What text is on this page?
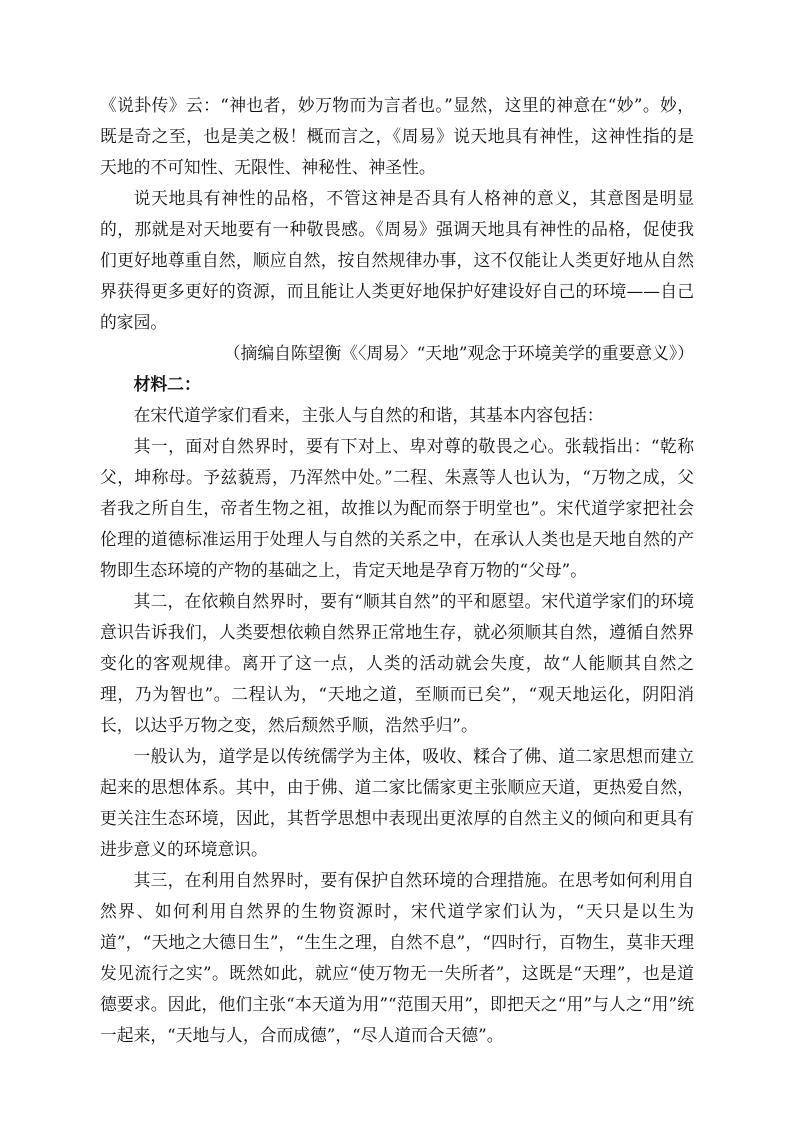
《说卦传》云：“神也者，妙万物而为言者也。”显然，这里的神意在“妙”。妙，既是奇之至，也是美之极！概而言之，《周易》说天地具有神性，这神性指的是天地的不可知性、无限性、神秘性、神圣性。

说天地具有神性的品格，不管这神是否具有人格神的意义，其意图是明显的，那就是对天地要有一种敬畏感。《周易》强调天地具有神性的品格，促使我们更好地尊重自然，顺应自然，按自然规律办事，这不仅能让人类更好地从自然界获得更多更好的资源，而且能让人类更好地保护好建设好自己的环境——自己的家园。

（摘编自陈望衡《〈周易〉“天地”观念于环境美学的重要意义》）

材料二：

在宋代道学家们看来，主张人与自然的和谐，其基本内容包括：

其一，面对自然界时，要有下对上、卑对尊的敬畏之心。张载指出：“乾称父，坤称母。予兹藐焉，乃浑然中处。”二程、朱熹等人也认为，“万物之成，父者我之所自生，帝者生物之祖，故推以为配而祭于明堂也”。宋代道学家把社会伦理的道德标准运用于处理人与自然的关系之中，在承认人类也是天地自然的产物即生态环境的产物的基础之上，肯定天地是孕育万物的“父母”。

其二，在依赖自然界时，要有“顺其自然”的平和愿望。宋代道学家们的环境意识告诉我们，人类要想依赖自然界正常地生存，就必须顺其自然，遵循自然界变化的客观规律。离开了这一点，人类的活动就会失度，故“人能顺其自然之理，乃为智也”。二程认为，“天地之道，至顺而已矣”，“观天地运化，阴阳消长，以达乎万物之变，然后颓然乎顺，浩然乎归”。

一般认为，道学是以传统儒学为主体，吸收、糅合了佛、道二家思想而建立起来的思想体系。其中，由于佛、道二家比儒家更主张顺应天道，更热爱自然，更关注生态环境，因此，其哲学思想中表现出更浓厚的自然主义的倾向和更具有进步意义的环境意识。

其三，在利用自然界时，要有保护自然环境的合理措施。在思考如何利用自然界、如何利用自然界的生物资源时，宋代道学家们认为，“天只是以生为道”，“天地之大德日生”，“生生之理，自然不息”，“四时行，百物生，莫非天理发见流行之实”。既然如此，就应“使万物无一失所者”，这既是“天理”，也是道德要求。因此，他们主张“本天道为用”“范围天用”，即把天之“用”与人之“用”统一起来，“天地与人，合而成德”，“尽人道而合天德”。
